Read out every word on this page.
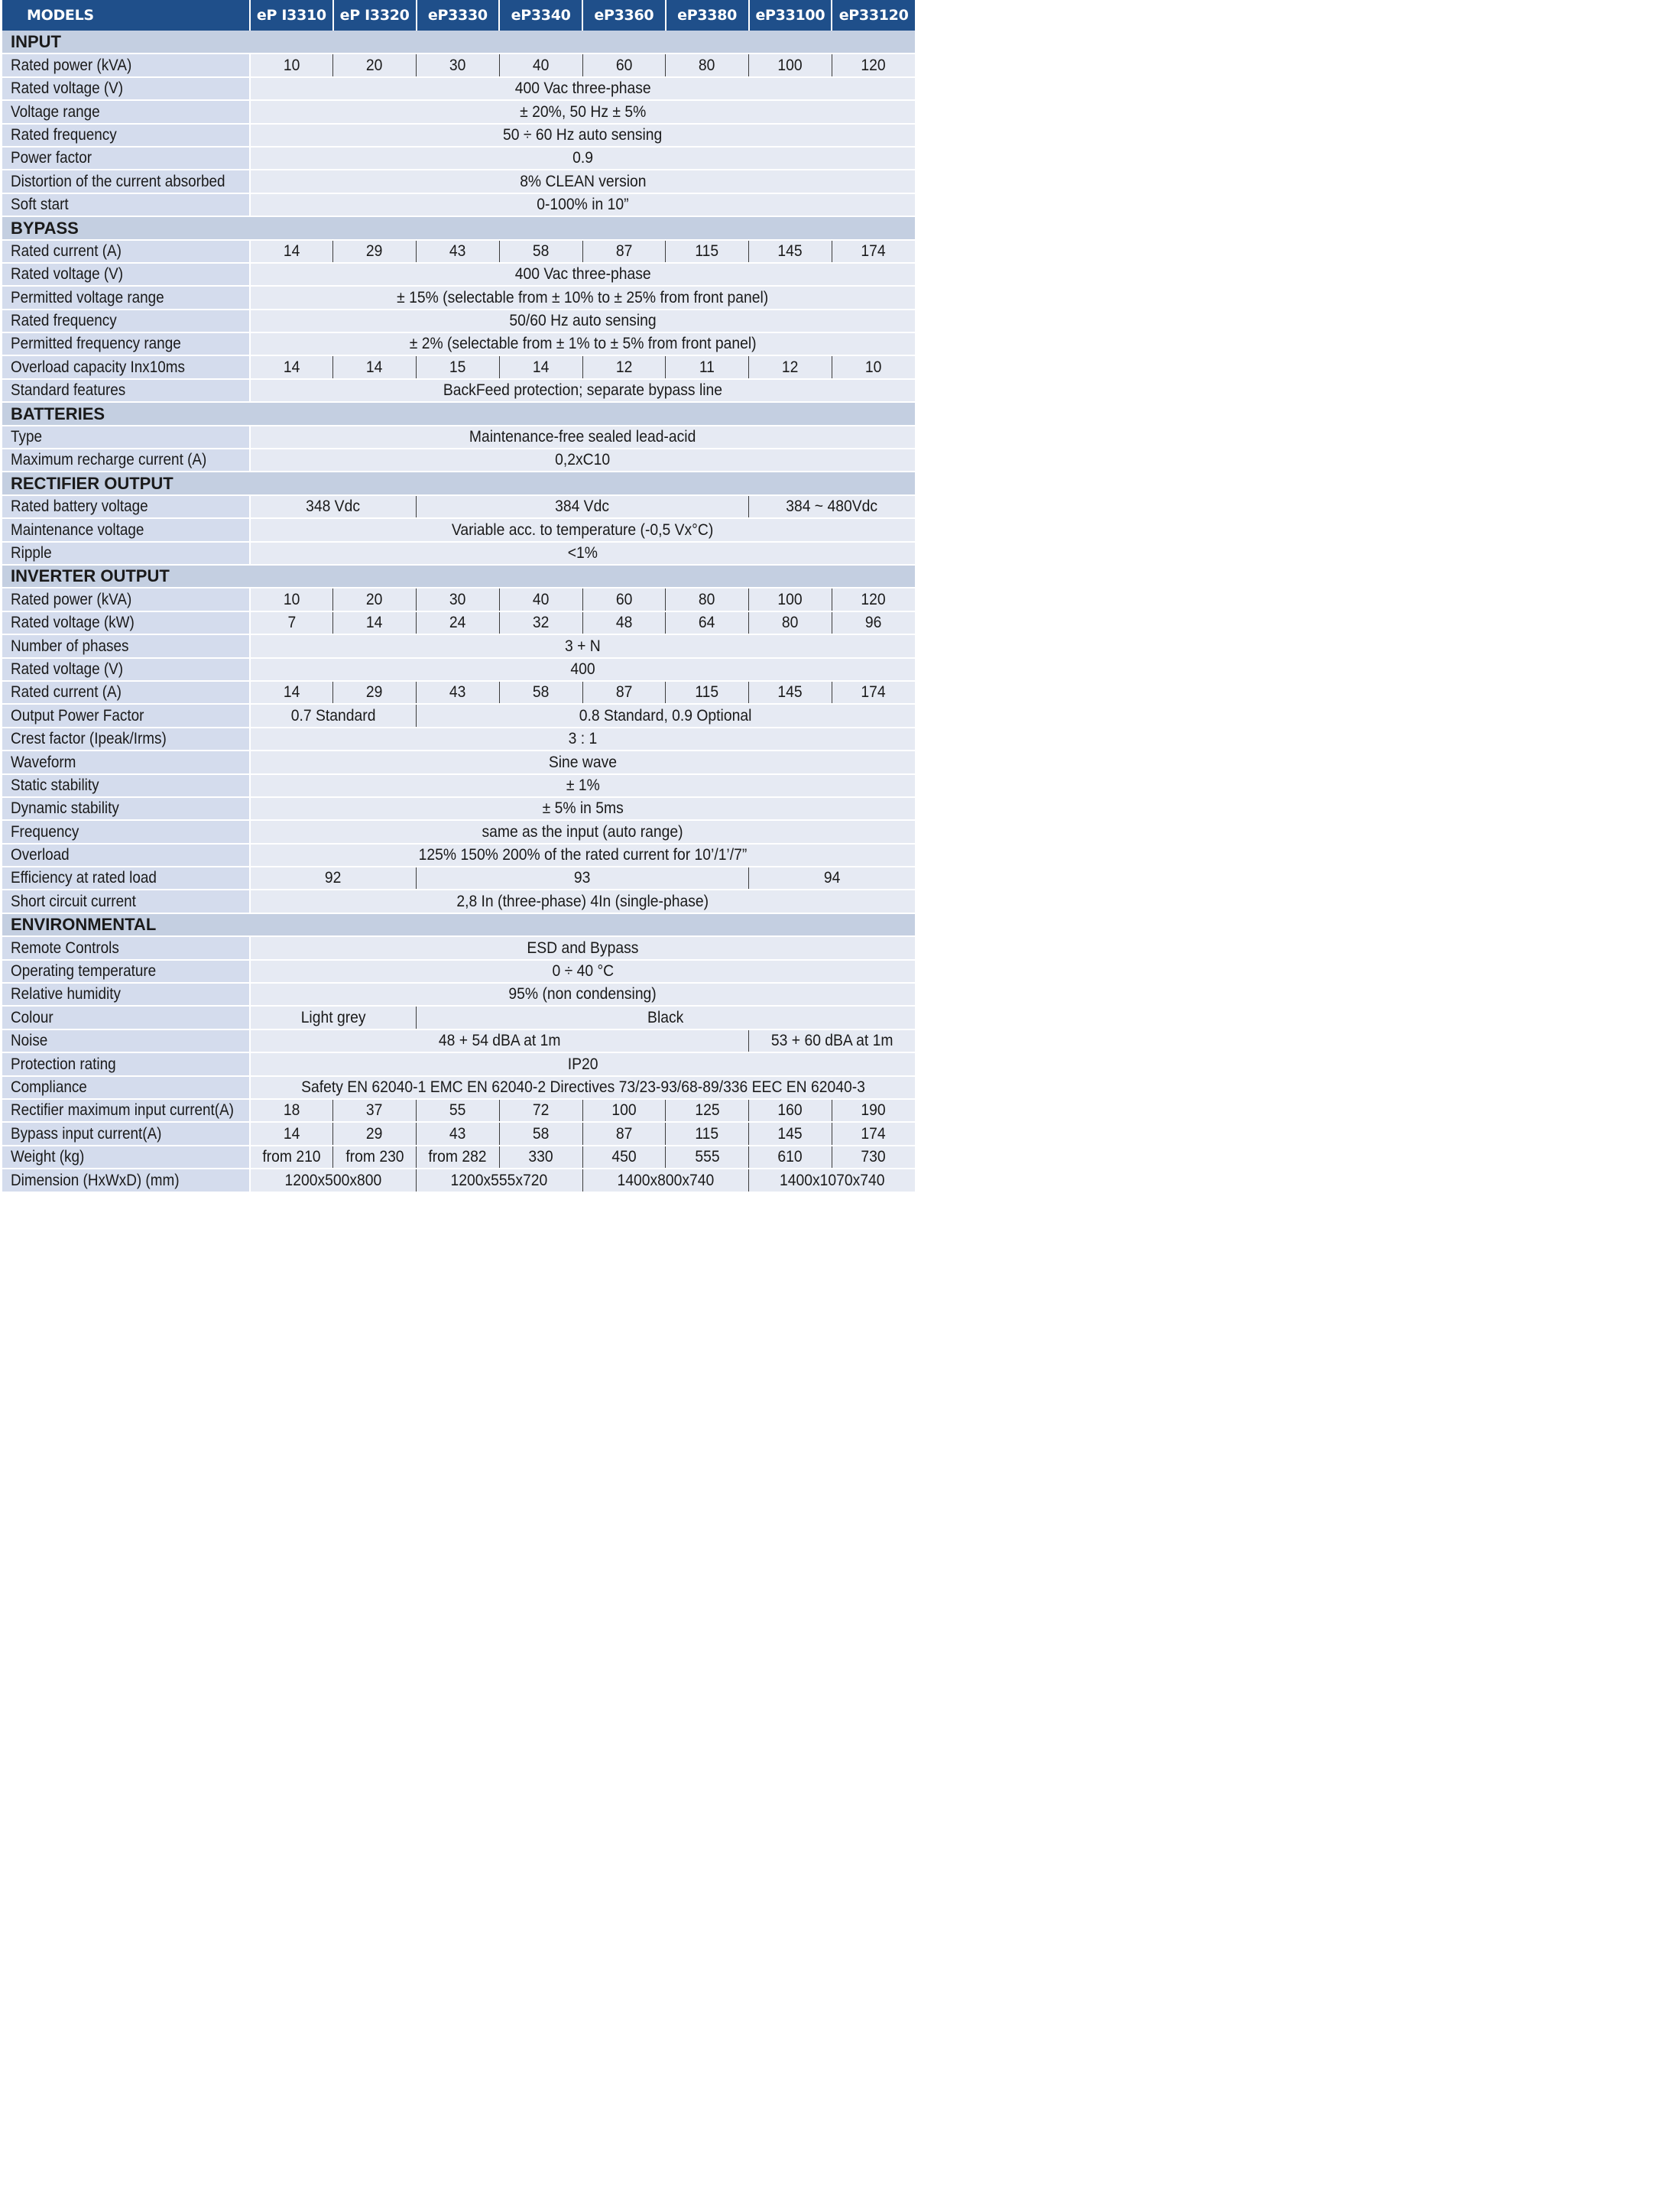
MODELS	eP I3310	eP I3320	eP3330	eP3340	eP3360	eP3380	eP33100	eP33120
INPUT								
Rated power (kVA)	10	20	30	40	60	80	100	120
Rated voltage (V)	400 Vac three-phase							
Voltage range	± 20%, 50 Hz ± 5%							
Rated frequency	50 ÷ 60 Hz auto sensing							
Power factor	0.9							
Distortion of the current absorbed	8% CLEAN version							
Soft start	0-100% in 10”							
BYPASS								
Rated current (A)	14	29	43	58	87	115	145	174
Rated voltage (V)	400 Vac three-phase							
Permitted voltage range	± 15% (selectable from ± 10% to ± 25% from front panel)							
Rated frequency	50/60 Hz auto sensing							
Permitted frequency range	± 2% (selectable from ± 1% to ± 5% from front panel)							
Overload capacity Inx10ms	14	14	15	14	12	11	12	10
Standard features	BackFeed protection; separate bypass line							
BATTERIES								
Type	Maintenance-free sealed lead-acid							
Maximum recharge current (A)	0,2xC10							
RECTIFIER OUTPUT								
Rated battery voltage	348 Vdc		384 Vdc				384 ~ 480Vdc	
Maintenance voltage	Variable acc. to temperature (-0,5 Vx°C)							
Ripple	<1%							
INVERTER OUTPUT								
Rated power (kVA)	10	20	30	40	60	80	100	120
Rated voltage (kW)	7	14	24	32	48	64	80	96
Number of phases	3 + N							
Rated voltage (V)	400							
Rated current (A)	14	29	43	58	87	115	145	174
Output Power Factor	0.7 Standard		0.8 Standard, 0.9 Optional					
Crest factor (Ipeak/Irms)	3 : 1							
Waveform	Sine wave							
Static stability	± 1%							
Dynamic stability	± 5% in 5ms							
Frequency	same as the input (auto range)							
Overload	125% 150% 200% of the rated current for 10’/1’/7”							
Efficiency at rated load	92		93				94	
Short circuit current	2,8 In (three-phase) 4In (single-phase)							
ENVIRONMENTAL								
Remote Controls	ESD and Bypass							
Operating temperature	0 ÷ 40 °C							
Relative humidity	95% (non condensing)							
Colour	Light grey		Black					
Noise	48 + 54 dBA at 1m						53 + 60 dBA at 1m	
Protection rating	IP20							
Compliance	Safety EN 62040-1 EMC EN 62040-2 Directives 73/23-93/68-89/336 EEC EN 62040-3							
Rectifier maximum input current(A)	18	37	55	72	100	125	160	190
Bypass input current(A)	14	29	43	58	87	115	145	174
Weight (kg)	from 210	from 230	from 282	330	450	555	610	730
Dimension (HxWxD) (mm)	1200x500x800		1200x555x720		1400x800x740		1400x1070x740	
